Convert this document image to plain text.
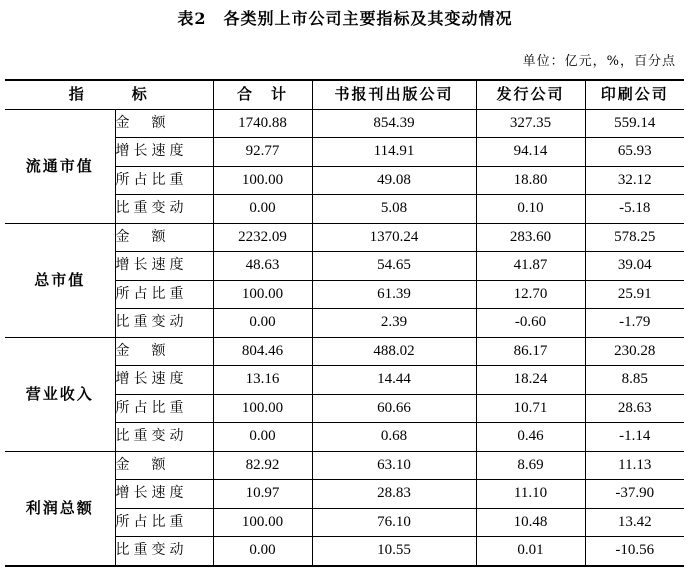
表2　各类别上市公司主要指标及其变动情况
单位：亿元，%，百分点
指 标		合　计	书报刊出版公司	发行公司	印刷公司
流通市值	金　额	1740.88	854.39	327.35	559.14
	增长速度	92.77	114.91	94.14	65.93
	所占比重	100.00	49.08	18.80	32.12
	比重变动	0.00	5.08	0.10	-5.18
总市值	金　额	2232.09	1370.24	283.60	578.25
	增长速度	48.63	54.65	41.87	39.04
	所占比重	100.00	61.39	12.70	25.91
	比重变动	0.00	2.39	-0.60	-1.79
营业收入	金　额	804.46	488.02	86.17	230.28
	增长速度	13.16	14.44	18.24	8.85
	所占比重	100.00	60.66	10.71	28.63
	比重变动	0.00	0.68	0.46	-1.14
利润总额	金　额	82.92	63.10	8.69	11.13
	增长速度	10.97	28.83	11.10	-37.90
	所占比重	100.00	76.10	10.48	13.42
	比重变动	0.00	10.55	0.01	-10.56
